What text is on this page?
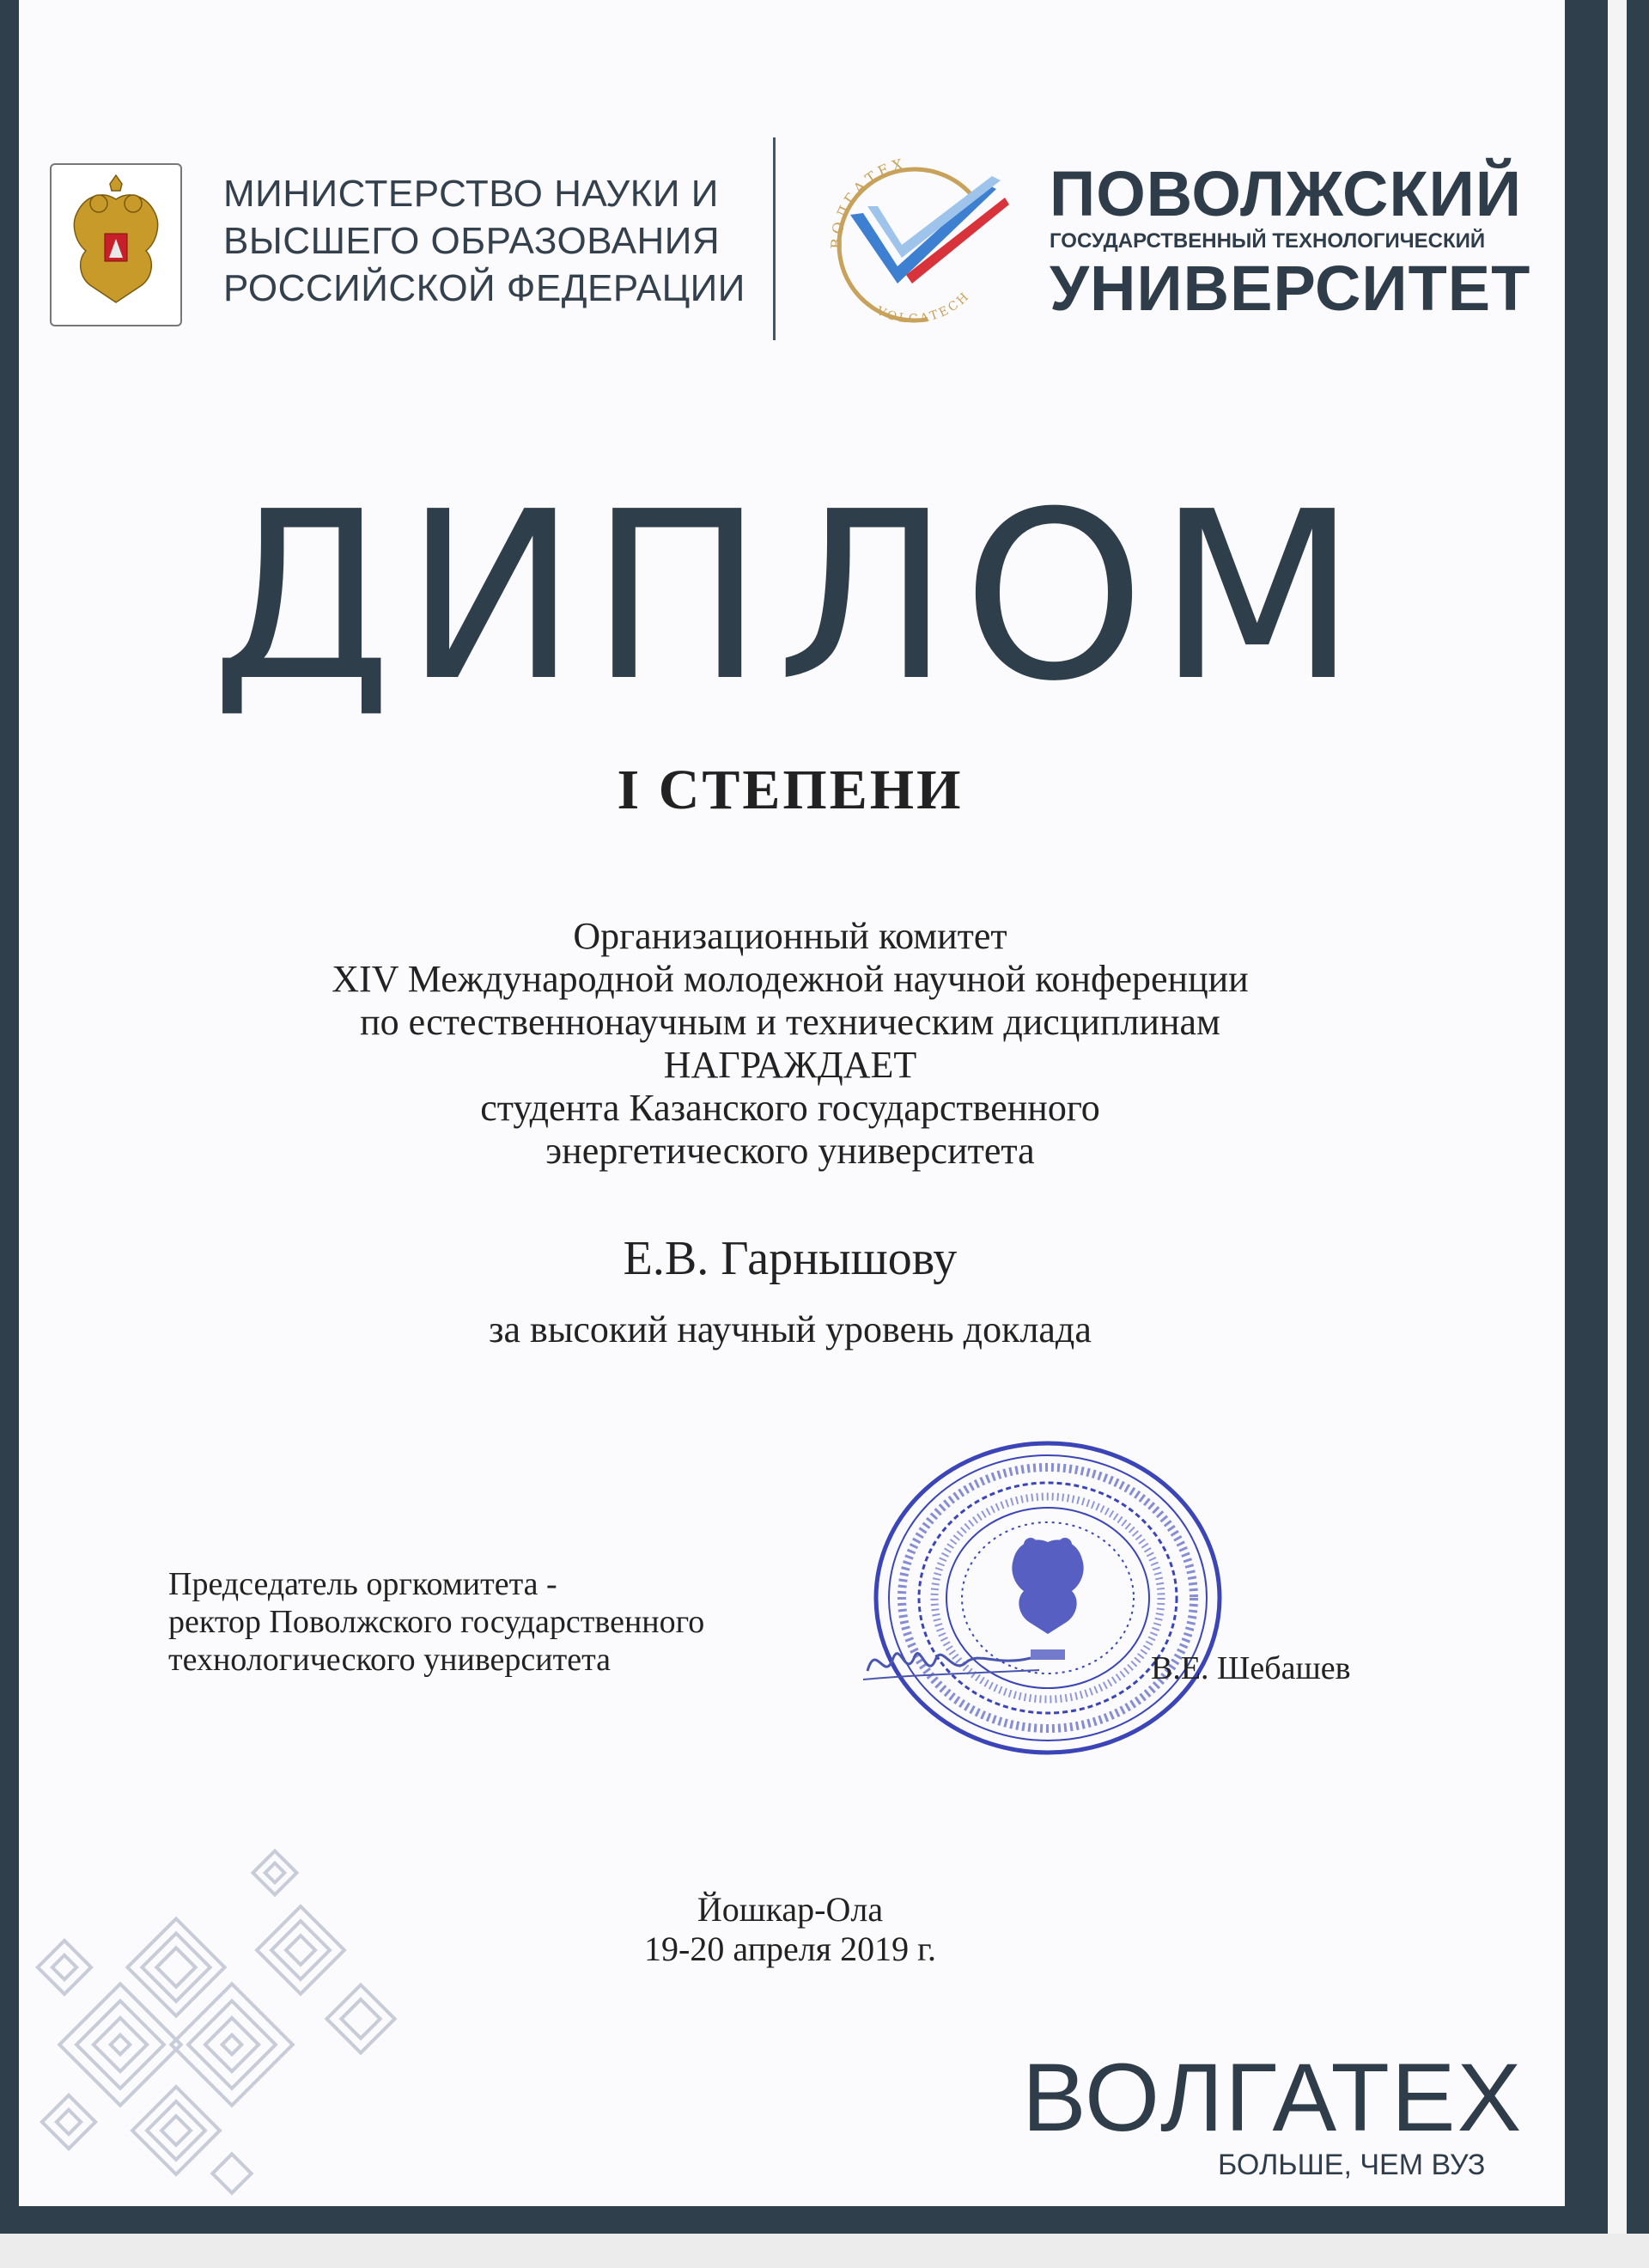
МИНИСТЕРСТВО НАУКИ И
ВЫСШЕГО ОБРАЗОВАНИЯ
РОССИЙСКОЙ ФЕДЕРАЦИИ
ВОЛГАТЕХ
VOLGATECH
ПОВОЛЖСКИЙ
ГОСУДАРСТВЕННЫЙ ТЕХНОЛОГИЧЕСКИЙ
УНИВЕРСИТЕТ
ДИПЛОМ
I СТЕПЕНИ
Организационный комитет
XIV Международной молодежной научной конференции
по естественнонаучным и техническим дисциплинам
НАГРАЖДАЕТ
студента Казанского государственного
энергетического университета
Е.В. Гарнышову
за высокий научный уровень доклада
Председатель оргкомитета -
ректор Поволжского государственного
технологического университета	В.Е. Шебашев
Йошкар-Ола
19-20 апреля 2019 г.
ВОЛГАТЕХ
БОЛЬШЕ, ЧЕМ ВУЗ
